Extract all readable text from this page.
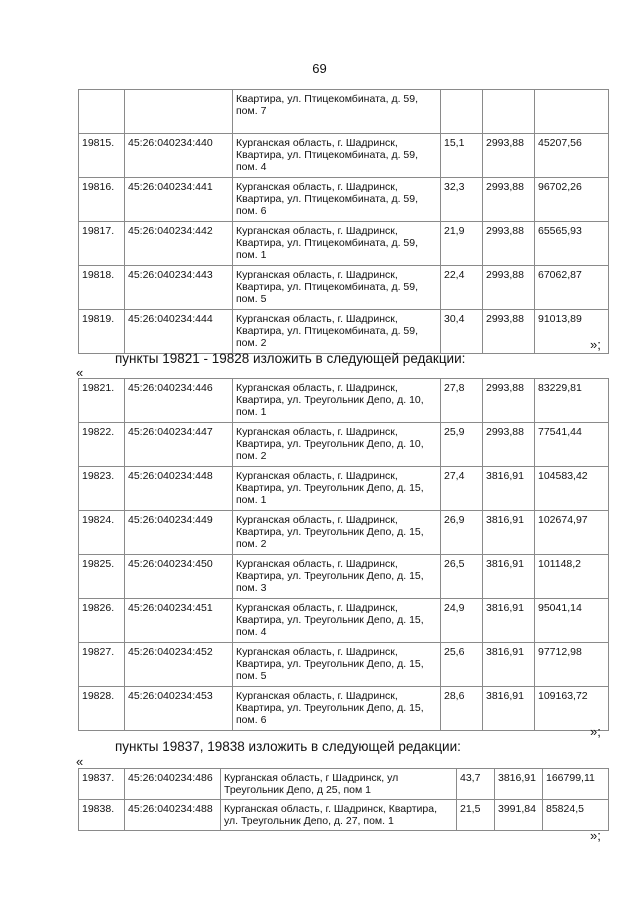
69
		Квартира, ул. Птицекомбината, д. 59, пом. 7			
19815.	45:26:040234:440	Курганская область, г. Шадринск, Квартира, ул. Птицекомбината, д. 59, пом. 4	15,1	2993,88	45207,56
19816.	45:26:040234:441	Курганская область, г. Шадринск, Квартира, ул. Птицекомбината, д. 59, пом. 6	32,3	2993,88	96702,26
19817.	45:26:040234:442	Курганская область, г. Шадринск, Квартира, ул. Птицекомбината, д. 59, пом. 1	21,9	2993,88	65565,93
19818.	45:26:040234:443	Курганская область, г. Шадринск, Квартира, ул. Птицекомбината, д. 59, пом. 5	22,4	2993,88	67062,87
19819.	45:26:040234:444	Курганская область, г. Шадринск, Квартира, ул. Птицекомбината, д. 59, пом. 2	30,4	2993,88	91013,89
»;
пункты 19821 - 19828 изложить в следующей редакции:
«
19821.	45:26:040234:446	Курганская область, г. Шадринск, Квартира, ул. Треугольник Депо, д. 10, пом. 1	27,8	2993,88	83229,81
19822.	45:26:040234:447	Курганская область, г. Шадринск, Квартира, ул. Треугольник Депо, д. 10, пом. 2	25,9	2993,88	77541,44
19823.	45:26:040234:448	Курганская область, г. Шадринск, Квартира, ул. Треугольник Депо, д. 15, пом. 1	27,4	3816,91	104583,42
19824.	45:26:040234:449	Курганская область, г. Шадринск, Квартира, ул. Треугольник Депо, д. 15, пом. 2	26,9	3816,91	102674,97
19825.	45:26:040234:450	Курганская область, г. Шадринск, Квартира, ул. Треугольник Депо, д. 15, пом. 3	26,5	3816,91	101148,2
19826.	45:26:040234:451	Курганская область, г. Шадринск, Квартира, ул. Треугольник Депо, д. 15, пом. 4	24,9	3816,91	95041,14
19827.	45:26:040234:452	Курганская область, г. Шадринск, Квартира, ул. Треугольник Депо, д. 15, пом. 5	25,6	3816,91	97712,98
19828.	45:26:040234:453	Курганская область, г. Шадринск, Квартира, ул. Треугольник Депо, д. 15, пом. 6	28,6	3816,91	109163,72
»;
пункты 19837, 19838 изложить в следующей редакции:
«
19837.	45:26:040234:486	Курганская область, г Шадринск, ул Треугольник Депо, д 25, пом 1	43,7	3816,91	166799,11
19838.	45:26:040234:488	Курганская область, г. Шадринск, Квартира, ул. Треугольник Депо, д. 27, пом. 1	21,5	3991,84	85824,5
»;
